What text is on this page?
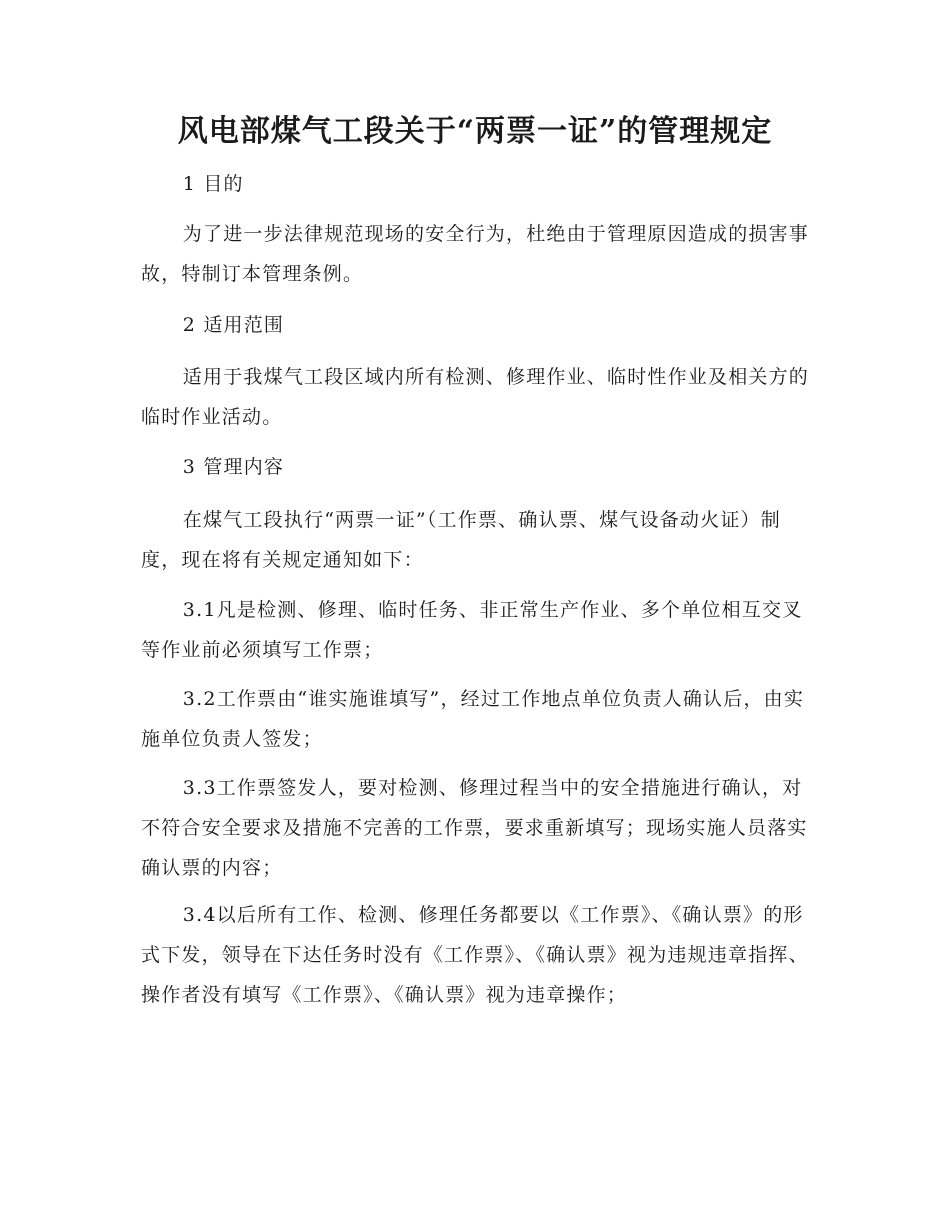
风电部煤气工段关于“两票一证”的管理规定

1 目的

为了进一步法律规范现场的安全行为，杜绝由于管理原因造成的损害事故，特制订本管理条例。

2 适用范围

适用于我煤气工段区域内所有检测、修理作业、临时性作业及相关方的临时作业活动。

3 管理内容

在煤气工段执行“两票一证”（工作票、确认票、煤气设备动火证）制度，现在将有关规定通知如下：

3.1凡是检测、修理、临时任务、非正常生产作业、多个单位相互交叉等作业前必须填写工作票；

3.2工作票由“谁实施谁填写”，经过工作地点单位负责人确认后，由实施单位负责人签发；

3.3工作票签发人，要对检测、修理过程当中的安全措施进行确认，对不符合安全要求及措施不完善的工作票，要求重新填写；现场实施人员落实确认票的内容；

3.4以后所有工作、检测、修理任务都要以《工作票》、《确认票》的形式下发，领导在下达任务时没有《工作票》、《确认票》视为违规违章指挥、操作者没有填写《工作票》、《确认票》视为违章操作；
